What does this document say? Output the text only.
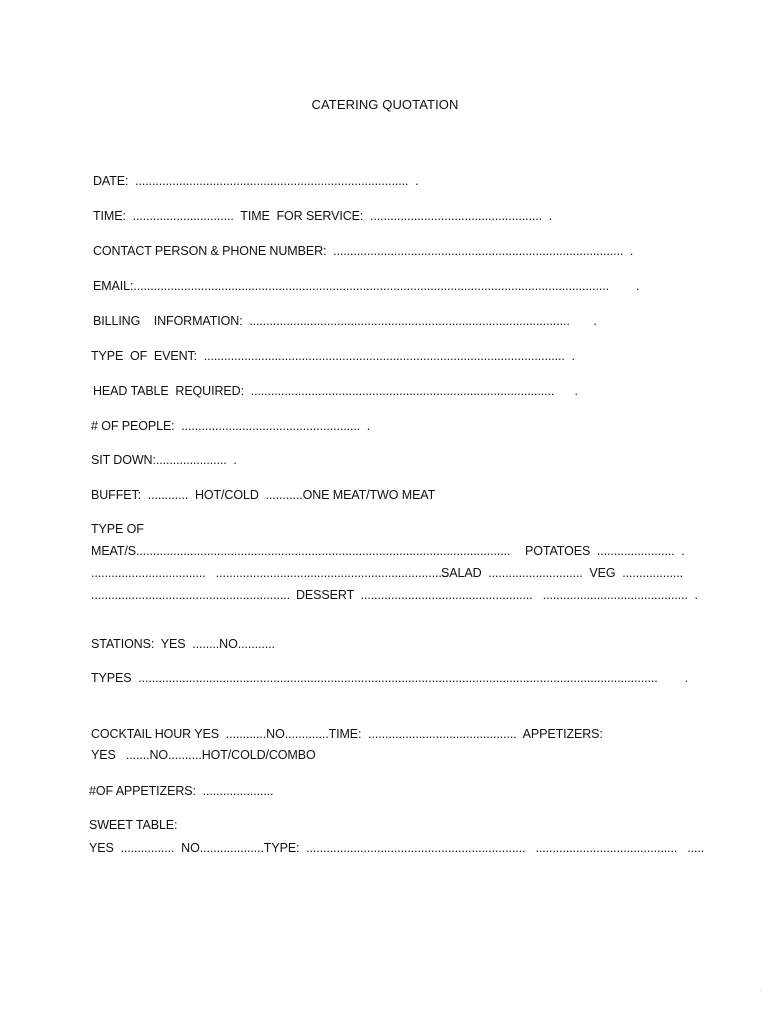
CATERING QUOTATION
DATE:  .................................................................................  .
TIME:  ..............................  TIME  FOR SERVICE:  ...................................................  .
CONTACT PERSON & PHONE NUMBER:  ......................................................................................  .
EMAIL:.............................................................................................................................................        .
BILLING    INFORMATION:  ...............................................................................................       .
TYPE  OF  EVENT:  ...........................................................................................................  .
HEAD TABLE  REQUIRED:  ..........................................................................................      .
# OF PEOPLE:  .....................................................  .
SIT DOWN:.....................  .
BUFFET:  ............  HOT/COLD  ...........ONE MEAT/TWO MEAT
TYPE OF
MEAT/S............................................................................................................... POTATOES  .......................  .
..................................   .....................................................................
SALAD  ............................  VEG  ..................
........................................................... DESSERT  ...................................................   ...........................................  .
STATIONS:  YES  ........NO...........
TYPES  ..........................................................................................................................................................        .
COCKTAIL HOUR YES  ............NO.............TIME:  ............................................  APPETIZERS:
YES   .......NO..........HOT/COLD/COMBO
#OF APPETIZERS:  .....................
SWEET TABLE:
YES  ................  NO...................TYPE:  .................................................................   ..........................................   .....
